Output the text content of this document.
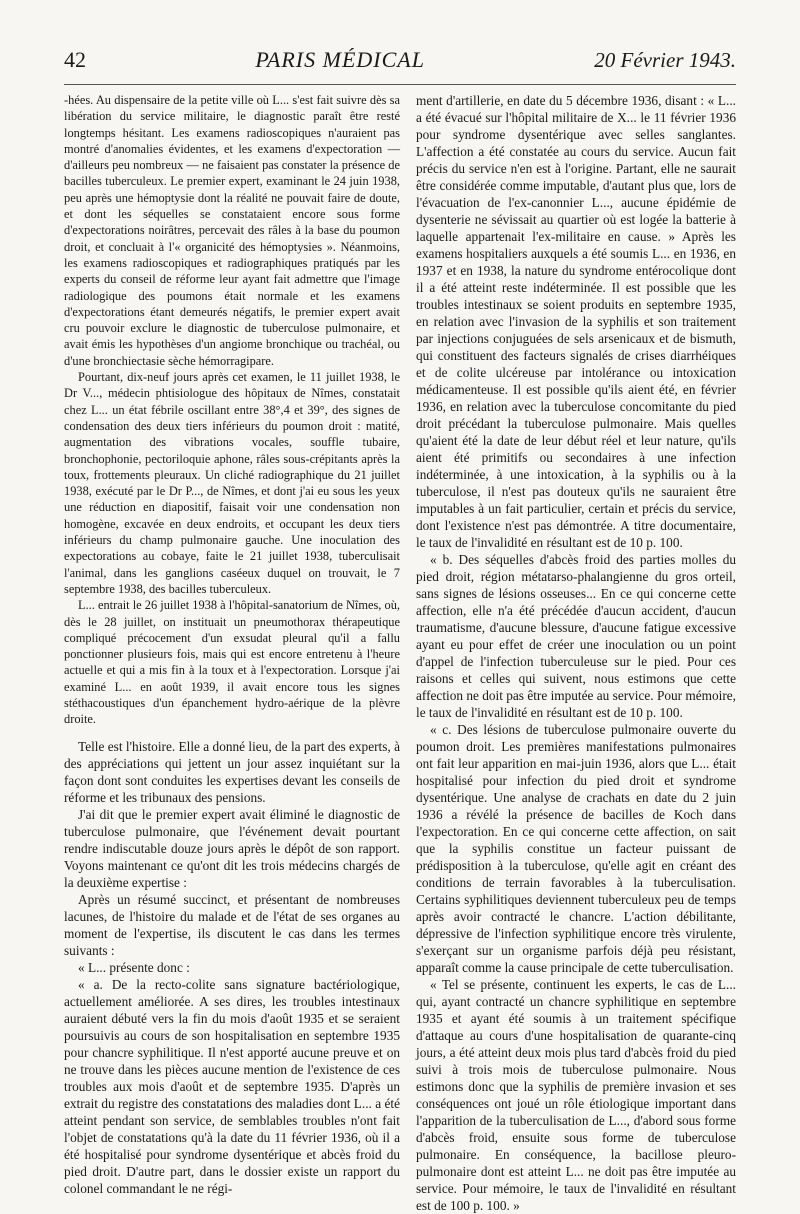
42	PARIS MÉDICAL	20 Février 1943.

-hées. Au dispensaire de la petite ville où L... s'est fait suivre dès sa libération du service militaire, le diagnostic paraît être resté longtemps hésitant. Les examens radioscopiques n'auraient pas montré d'anomalies évidentes, et les examens d'expectoration — d'ailleurs peu nombreux — ne faisaient pas constater la présence de bacilles tuberculeux. Le premier expert, examinant le 24 juin 1938, peu après une hémoptysie dont la réalité ne pouvait faire de doute, et dont les séquelles se constataient encore sous forme d'expectorations noirâtres, percevait des râles à la base du poumon droit, et concluait à l'« organicité des hémoptysies ». Néanmoins, les examens radioscopiques et radiographiques pratiqués par les experts du conseil de réforme leur ayant fait admettre que l'image radiologique des poumons était normale et les examens d'expectorations étant demeurés négatifs, le premier expert avait cru pouvoir exclure le diagnostic de tuberculose pulmonaire, et avait émis les hypothèses d'un angiome bronchique ou trachéal, ou d'une bronchiectasie sèche hémorragipare.

Pourtant, dix-neuf jours après cet examen, le 11 juillet 1938, le Dr V..., médecin phtisiologue des hôpitaux de Nîmes, constatait chez L... un état fébrile oscillant entre 38°,4 et 39°, des signes de condensation des deux tiers inférieurs du poumon droit : matité, augmentation des vibrations vocales, souffle tubaire, bronchophonie, pectoriloquie aphone, râles sous-crépitants après la toux, frottements pleuraux. Un cliché radiographique du 21 juillet 1938, exécuté par le Dr P..., de Nîmes, et dont j'ai eu sous les yeux une réduction en diapositif, faisait voir une condensation non homogène, excavée en deux endroits, et occupant les deux tiers inférieurs du champ pulmonaire gauche. Une inoculation des expectorations au cobaye, faite le 21 juillet 1938, tuberculisait l'animal, dans les ganglions caséeux duquel on trouvait, le 7 septembre 1938, des bacilles tuberculeux.

L... entrait le 26 juillet 1938 à l'hôpital-sanatorium de Nîmes, où, dès le 28 juillet, on instituait un pneumothorax thérapeutique compliqué précocement d'un exsudat pleural qu'il a fallu ponctionner plusieurs fois, mais qui est encore entretenu à l'heure actuelle et qui a mis fin à la toux et à l'expectoration. Lorsque j'ai examiné L... en août 1939, il avait encore tous les signes stéthacoustiques d'un épanchement hydro-aérique de la plèvre droite.

Telle est l'histoire. Elle a donné lieu, de la part des experts, à des appréciations qui jettent un jour assez inquiétant sur la façon dont sont conduites les expertises devant les conseils de réforme et les tribunaux des pensions.

J'ai dit que le premier expert avait éliminé le diagnostic de tuberculose pulmonaire, que l'événement devait pourtant rendre indiscutable douze jours après le dépôt de son rapport. Voyons maintenant ce qu'ont dit les trois médecins chargés de la deuxième expertise :

Après un résumé succinct, et présentant de nombreuses lacunes, de l'histoire du malade et de l'état de ses organes au moment de l'expertise, ils discutent le cas dans les termes suivants :

« L... présente donc :

« a. De la recto-colite sans signature bactériologique, actuellement améliorée. A ses dires, les troubles intestinaux auraient débuté vers la fin du mois d'août 1935 et se seraient poursuivis au cours de son hospitalisation en septembre 1935 pour chancre syphilitique. Il n'est apporté aucune preuve et on ne trouve dans les pièces aucune mention de l'existence de ces troubles aux mois d'août et de septembre 1935. D'après un extrait du registre des constatations des maladies dont L... a été atteint pendant son service, de semblables troubles n'ont fait l'objet de constatations qu'à la date du 11 février 1936, où il a été hospitalisé pour syndrome dysentérique et abcès froid du pied droit. D'autre part, dans le dossier existe un rapport du colonel commandant le ne régi-

ment d'artillerie, en date du 5 décembre 1936, disant : « L... a été évacué sur l'hôpital militaire de X... le 11 février 1936 pour syndrome dysentérique avec selles sanglantes. L'affection a été constatée au cours du service. Aucun fait précis du service n'en est à l'origine. Partant, elle ne saurait être considérée comme imputable, d'autant plus que, lors de l'évacuation de l'ex-canonnier L..., aucune épidémie de dysenterie ne sévissait au quartier où est logée la batterie à laquelle appartenait l'ex-militaire en cause. » Après les examens hospitaliers auxquels a été soumis L... en 1936, en 1937 et en 1938, la nature du syndrome entérocolique dont il a été atteint reste indéterminée. Il est possible que les troubles intestinaux se soient produits en septembre 1935, en relation avec l'invasion de la syphilis et son traitement par injections conjuguées de sels arsenicaux et de bismuth, qui constituent des facteurs signalés de crises diarrhéiques et de colite ulcéreuse par intolérance ou intoxication médicamenteuse. Il est possible qu'ils aient été, en février 1936, en relation avec la tuberculose concomitante du pied droit précédant la tuberculose pulmonaire. Mais quelles qu'aient été la date de leur début réel et leur nature, qu'ils aient été primitifs ou secondaires à une infection indéterminée, à une intoxication, à la syphilis ou à la tuberculose, il n'est pas douteux qu'ils ne sauraient être imputables à un fait particulier, certain et précis du service, dont l'existence n'est pas démontrée. A titre documentaire, le taux de l'invalidité en résultant est de 10 p. 100.

« b. Des séquelles d'abcès froid des parties molles du pied droit, région métatarso-phalangienne du gros orteil, sans signes de lésions osseuses... En ce qui concerne cette affection, elle n'a été précédée d'aucun accident, d'aucun traumatisme, d'aucune blessure, d'aucune fatigue excessive ayant eu pour effet de créer une inoculation ou un point d'appel de l'infection tuberculeuse sur le pied. Pour ces raisons et celles qui suivent, nous estimons que cette affection ne doit pas être imputée au service. Pour mémoire, le taux de l'invalidité en résultant est de 10 p. 100.

« c. Des lésions de tuberculose pulmonaire ouverte du poumon droit. Les premières manifestations pulmonaires ont fait leur apparition en mai-juin 1936, alors que L... était hospitalisé pour infection du pied droit et syndrome dysentérique. Une analyse de crachats en date du 2 juin 1936 a révélé la présence de bacilles de Koch dans l'expectoration. En ce qui concerne cette affection, on sait que la syphilis constitue un facteur puissant de prédisposition à la tuberculose, qu'elle agit en créant des conditions de terrain favorables à la tuberculisation. Certains syphilitiques deviennent tuberculeux peu de temps après avoir contracté le chancre. L'action débilitante, dépressive de l'infection syphilitique encore très virulente, s'exerçant sur un organisme parfois déjà peu résistant, apparaît comme la cause principale de cette tuberculisation.

« Tel se présente, continuent les experts, le cas de L... qui, ayant contracté un chancre syphilitique en septembre 1935 et ayant été soumis à un traitement spécifique d'attaque au cours d'une hospitalisation de quarante-cinq jours, a été atteint deux mois plus tard d'abcès froid du pied suivi à trois mois de tuberculose pulmonaire. Nous estimons donc que la syphilis de première invasion et ses conséquences ont joué un rôle étiologique important dans l'apparition de la tuberculisation de L..., d'abord sous forme d'abcès froid, ensuite sous forme de tuberculose pulmonaire. En conséquence, la bacillose pleuro-pulmonaire dont est atteint L... ne doit pas être imputée au service. Pour mémoire, le taux de l'invalidité en résultant est de 100 p. 100. »
